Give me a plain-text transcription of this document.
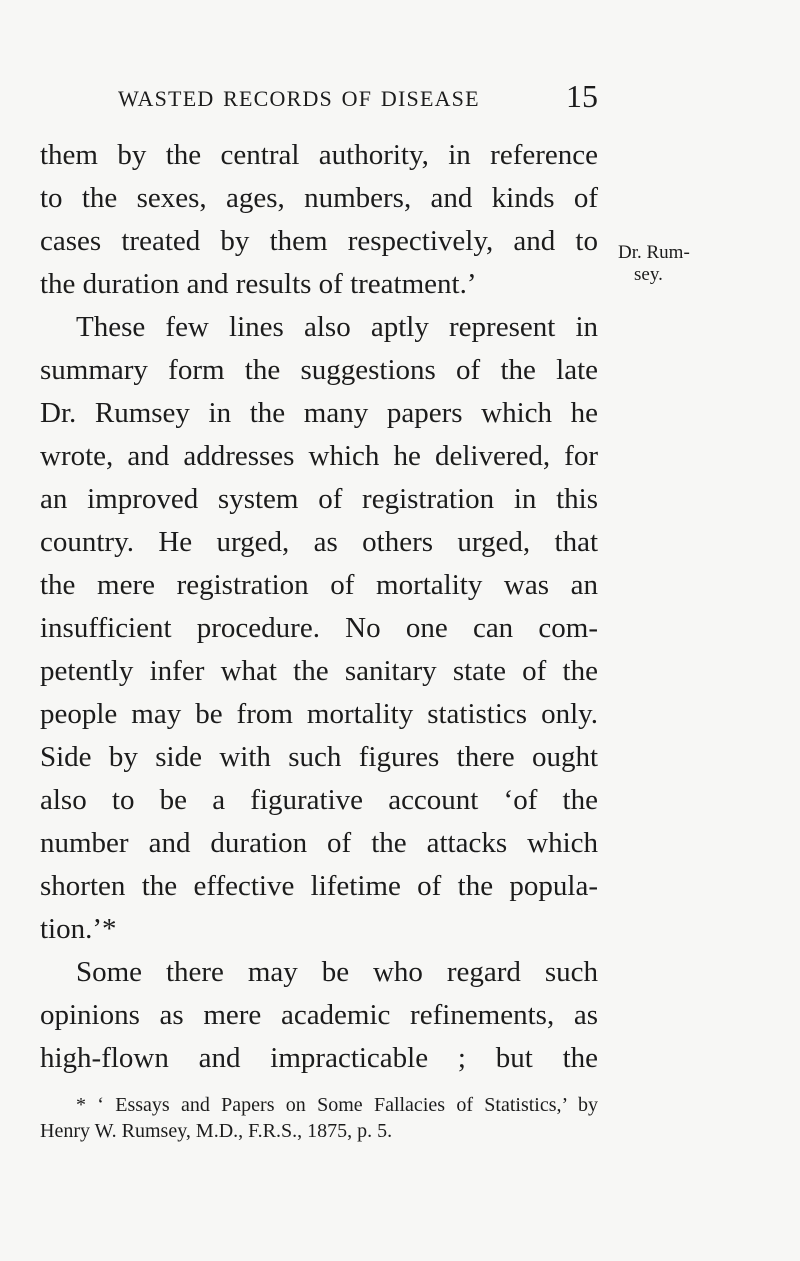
WASTED RECORDS OF DISEASE	15
Dr. Rum-
sey.
them by the central authority, in reference
to the sexes, ages, numbers, and kinds of
cases treated by them respectively, and to
the duration and results of treatment.’
These few lines also aptly represent in
summary form the suggestions of the late
Dr. Rumsey in the many papers which he
wrote, and addresses which he delivered, for
an improved system of registration in this
country. He urged, as others urged, that
the mere registration of mortality was an
insufficient procedure. No one can com-
petently infer what the sanitary state of the
people may be from mortality statistics only.
Side by side with such figures there ought
also to be a figurative account ‘of the
number and duration of the attacks which
shorten the effective lifetime of the popula-
tion.’*
Some there may be who regard such
opinions as mere academic refinements, as
high-flown and impracticable ; but the
* ‘ Essays and Papers on Some Fallacies of Statistics,’ by
Henry W. Rumsey, M.D., F.R.S., 1875, p. 5.
